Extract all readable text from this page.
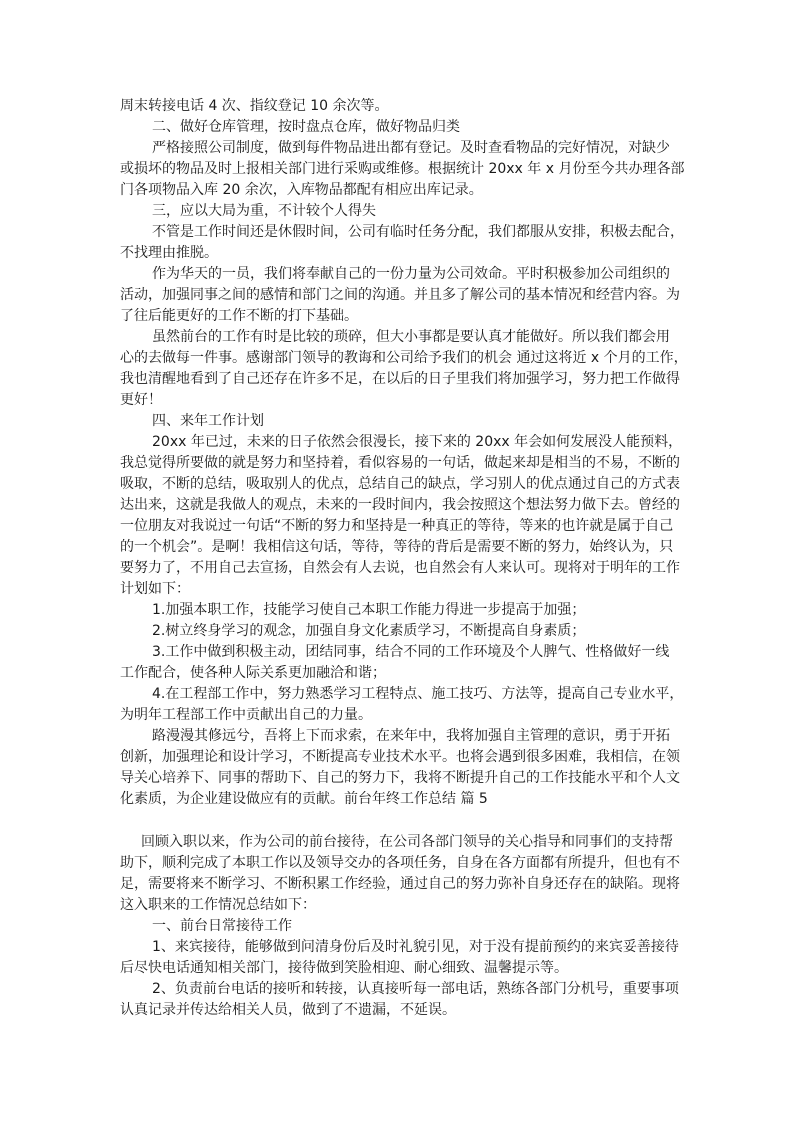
周末转接电话 4 次、指纹登记 10 余次等。

二、做好仓库管理，按时盘点仓库，做好物品归类

严格接照公司制度，做到每件物品进出都有登记。及时查看物品的完好情况，对缺少

或损坏的物品及时上报相关部门进行采购或维修。根据统计 20xx 年 x 月份至今共办理各部

门各项物品入库 20 余次，入库物品都配有相应出库记录。

三，应以大局为重，不计较个人得失

不管是工作时间还是休假时间，公司有临时任务分配，我们都服从安排，积极去配合，

不找理由推脱。

作为华天的一员，我们将奉献自己的一份力量为公司效命。平时积极参加公司组织的

活动，加强同事之间的感情和部门之间的沟通。并且多了解公司的基本情况和经营内容。为

了往后能更好的工作不断的打下基础。

虽然前台的工作有时是比较的琐碎，但大小事都是要认真才能做好。所以我们都会用

心的去做每一件事。感谢部门领导的教诲和公司给予我们的机会 通过这将近 x 个月的工作，

我也清醒地看到了自己还存在许多不足，在以后的日子里我们将加强学习，努力把工作做得

更好！

四、来年工作计划

20xx 年已过，未来的日子依然会很漫长，接下来的 20xx 年会如何发展没人能预料，

我总觉得所要做的就是努力和坚持着，看似容易的一句话，做起来却是相当的不易，不断的

吸取，不断的总结，吸取别人的优点，总结自己的缺点，学习别人的优点通过自己的方式表

达出来，这就是我做人的观点，未来的一段时间内，我会按照这个想法努力做下去。曾经的

一位朋友对我说过一句话“不断的努力和坚持是一种真正的等待，等来的也许就是属于自己

的一个机会”。是啊！我相信这句话，等待，等待的背后是需要不断的努力，始终认为，只

要努力了，不用自己去宣扬，自然会有人去说，也自然会有人来认可。现将对于明年的工作

计划如下：

1.加强本职工作，技能学习使自己本职工作能力得进一步提高于加强；

2.树立终身学习的观念，加强自身文化素质学习，不断提高自身素质；

3.工作中做到积极主动，团结同事，结合不同的工作环境及个人脾气、性格做好一线

工作配合，使各种人际关系更加融洽和谐；

4.在工程部工作中，努力熟悉学习工程特点、施工技巧、方法等，提高自己专业水平，

为明年工程部工作中贡献出自己的力量。

路漫漫其修远兮，吾将上下而求索，在来年中，我将加强自主管理的意识，勇于开拓

创新，加强理论和设计学习，不断提高专业技术水平。也将会遇到很多困难，我相信，在领

导关心培养下、同事的帮助下、自己的努力下，我将不断提升自己的工作技能水平和个人文

化素质，为企业建设做应有的贡献。前台年终工作总结 篇 5

回顾入职以来，作为公司的前台接待，在公司各部门领导的关心指导和同事们的支持帮

助下，顺利完成了本职工作以及领导交办的各项任务，自身在各方面都有所提升，但也有不

足，需要将来不断学习、不断积累工作经验，通过自己的努力弥补自身还存在的缺陷。现将

这入职来的工作情况总结如下：

一、前台日常接待工作

1、来宾接待，能够做到问清身份后及时礼貌引见，对于没有提前预约的来宾妥善接待

后尽快电话通知相关部门，接待做到笑脸相迎、耐心细致、温馨提示等。

2、负责前台电话的接听和转接，认真接听每一部电话，熟练各部门分机号，重要事项

认真记录并传达给相关人员，做到了不遗漏，不延误。
